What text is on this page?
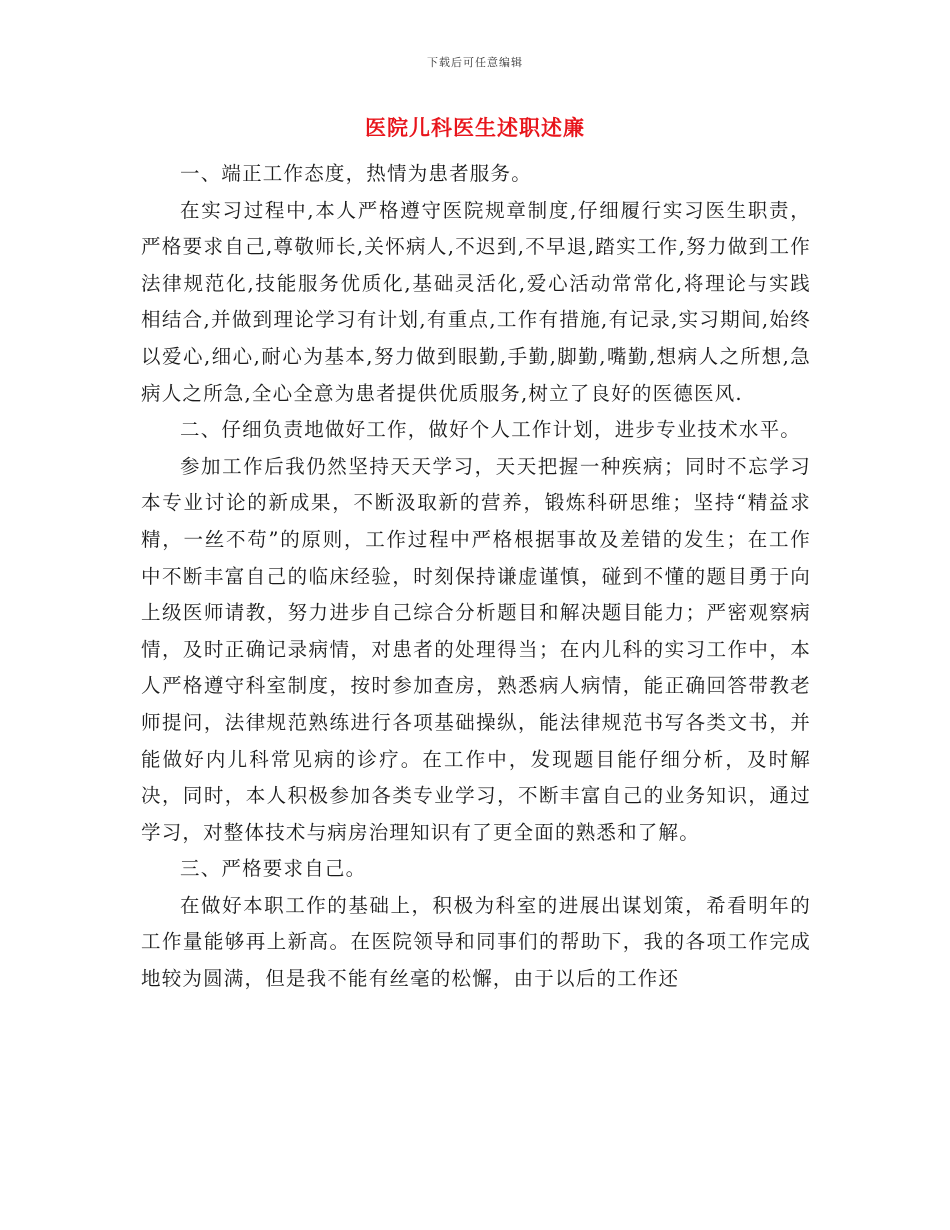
下载后可任意编辑
医院儿科医生述职述廉

一、端正工作态度，热情为患者服务。

在实习过程中,本人严格遵守医院规章制度,仔细履行实习医生职责，严格要求自己,尊敬师长,关怀病人,不迟到,不早退,踏实工作,努力做到工作法律规范化,技能服务优质化,基础灵活化,爱心活动常常化,将理论与实践相结合,并做到理论学习有计划,有重点,工作有措施,有记录,实习期间,始终以爱心,细心,耐心为基本,努力做到眼勤,手勤,脚勤,嘴勤,想病人之所想,急病人之所急,全心全意为患者提供优质服务,树立了良好的医德医风.

二、仔细负责地做好工作，做好个人工作计划，进步专业技术水平。

参加工作后我仍然坚持天天学习，天天把握一种疾病；同时不忘学习本专业讨论的新成果，不断汲取新的营养，锻炼科研思维；坚持“精益求精，一丝不苟”的原则，工作过程中严格根据事故及差错的发生；在工作中不断丰富自己的临床经验，时刻保持谦虚谨慎，碰到不懂的题目勇于向上级医师请教，努力进步自己综合分析题目和解决题目能力；严密观察病情，及时正确记录病情，对患者的处理得当；在内儿科的实习工作中，本人严格遵守科室制度，按时参加查房，熟悉病人病情，能正确回答带教老师提问，法律规范熟练进行各项基础操纵，能法律规范书写各类文书，并能做好内儿科常见病的诊疗。在工作中，发现题目能仔细分析，及时解决，同时，本人积极参加各类专业学习，不断丰富自己的业务知识，通过学习，对整体技术与病房治理知识有了更全面的熟悉和了解。

三、严格要求自己。

在做好本职工作的基础上，积极为科室的进展出谋划策，希看明年的工作量能够再上新高。在医院领导和同事们的帮助下，我的各项工作完成地较为圆满，但是我不能有丝毫的松懈，由于以后的工作还
